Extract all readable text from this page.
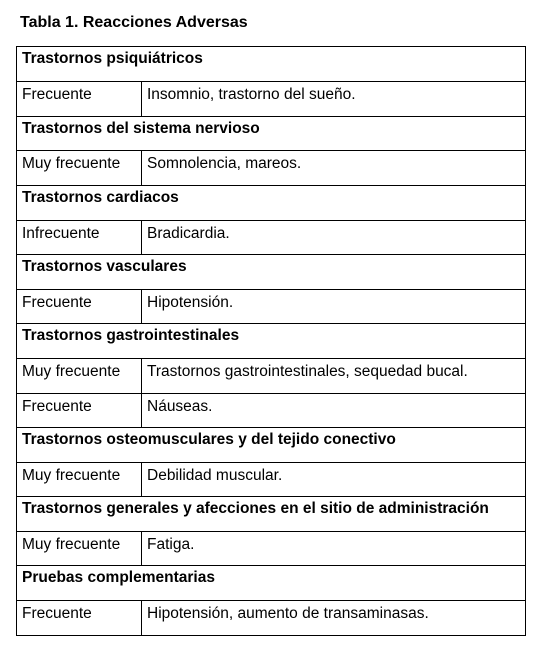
Tabla 1. Reacciones Adversas
Trastornos psiquiátricos	
Frecuente	Insomnio, trastorno del sueño.
Trastornos del sistema nervioso	
Muy frecuente	Somnolencia, mareos.
Trastornos cardiacos	
Infrecuente	Bradicardia.
Trastornos vasculares	
Frecuente	Hipotensión.
Trastornos gastrointestinales	
Muy frecuente	Trastornos gastrointestinales, sequedad bucal.
Frecuente	Náuseas.
Trastornos osteomusculares y del tejido conectivo	
Muy frecuente	Debilidad muscular.
Trastornos generales y afecciones en el sitio de administración	
Muy frecuente	Fatiga.
Pruebas complementarias	
Frecuente	Hipotensión, aumento de transaminasas.
